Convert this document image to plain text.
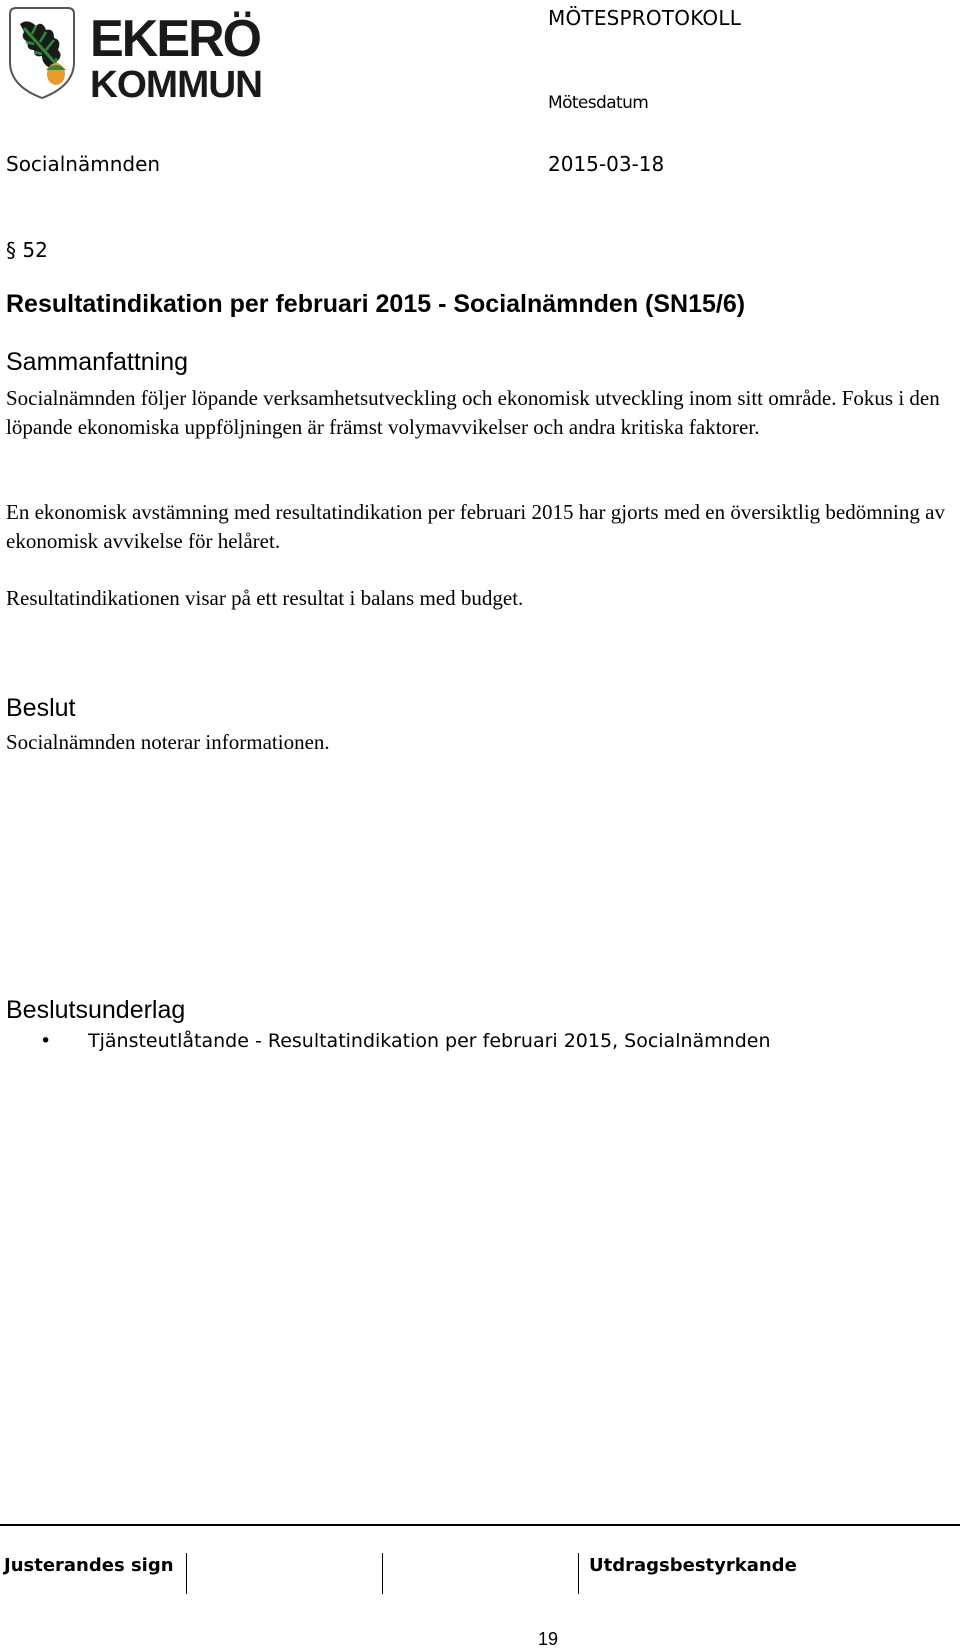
EKERÖ
KOMMUN
MÖTESPROTOKOLL
Mötesdatum
Socialnämnden	2015-03-18
§ 52
Resultatindikation per februari 2015 - Socialnämnden (SN15/6)
Sammanfattning
Socialnämnden följer löpande verksamhetsutveckling och ekonomisk utveckling inom sitt område. Fokus i den löpande ekonomiska uppföljningen är främst volymavvikelser och andra kritiska faktorer.
En ekonomisk avstämning med resultatindikation per februari 2015 har gjorts med en översiktlig bedömning av ekonomisk avvikelse för helåret.
Resultatindikationen visar på ett resultat i balans med budget.
Beslut
Socialnämnden noterar informationen.
Beslutsunderlag
• Tjänsteutlåtande - Resultatindikation per februari 2015, Socialnämnden
Justerandes sign	Utdragsbestyrkande
19
